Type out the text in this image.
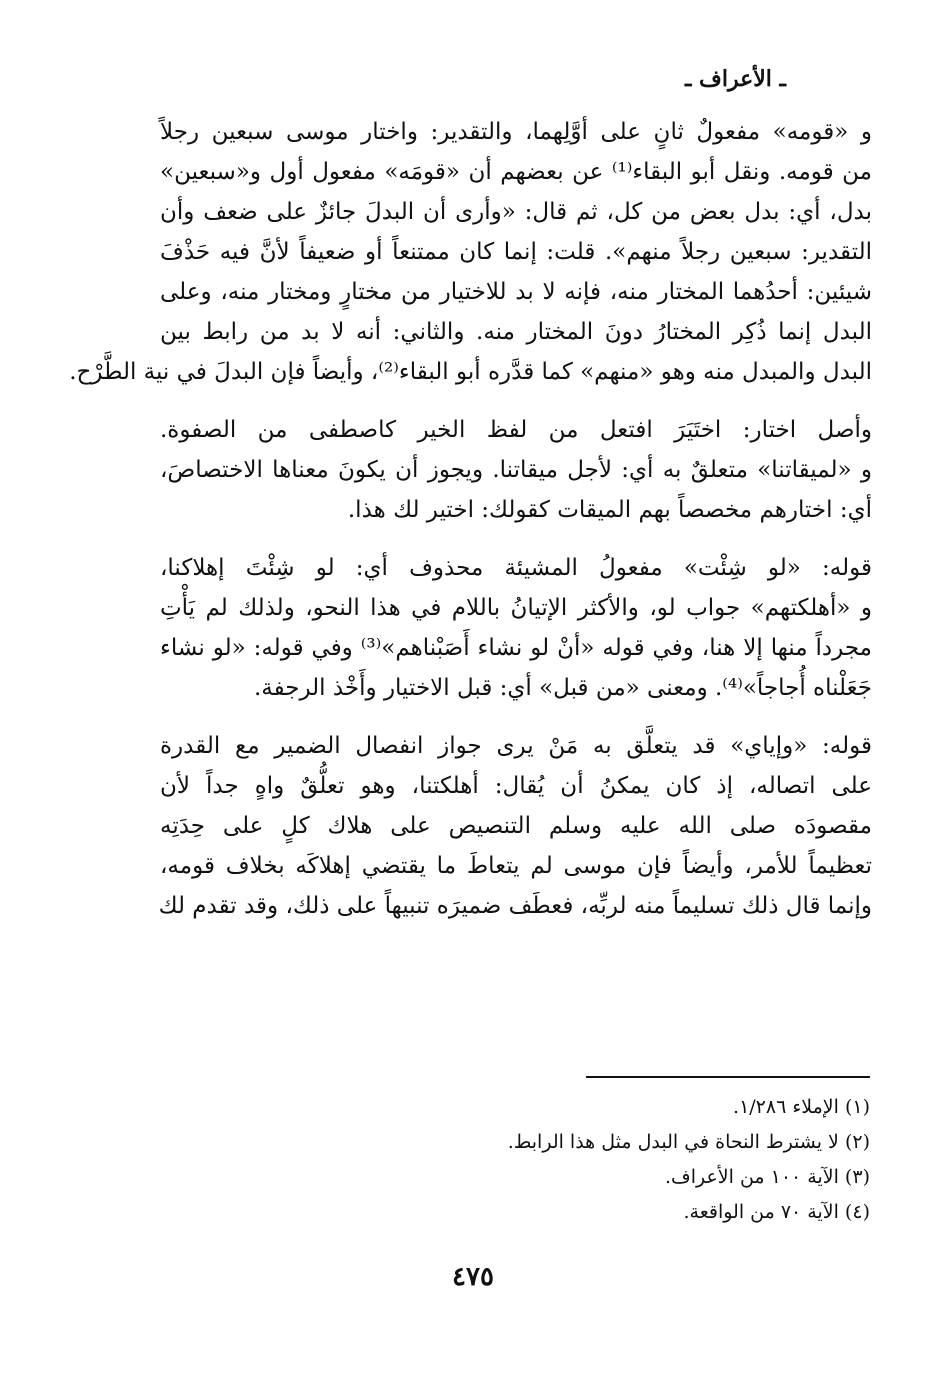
ـ الأعراف ـ
و «قومه» مفعولٌ ثانٍ على أوَّلِهما، والتقدير: واختار موسى سبعين رجلاً
من قومه. ونقل أبو البقاء⁽¹⁾ عن بعضهم أن «قومَه» مفعول أول و«سبعين»
بدل، أي: بدل بعض من كل، ثم قال: «وأرى أن البدلَ جائزٌ على ضعف وأن
التقدير: سبعين رجلاً منهم». قلت: إنما كان ممتنعاً أو ضعيفاً لأنَّ فيه حَذْفَ
شيئين: أحدُهما المختار منه، فإنه لا بد للاختيار من مختارٍ ومختار منه، وعلى
البدل إنما ذُكِر المختارُ دونَ المختار منه. والثاني: أنه لا بد من رابط بين
البدل والمبدل منه وهو «منهم» كما قدَّره أبو البقاء⁽²⁾، وأيضاً فإن البدلَ في نية الطَّرْح.
وأصل اختار: اختَيَرَ افتعل من لفظ الخير كاصطفى من الصفوة.
و «لميقاتنا» متعلقٌ به أي: لأجل ميقاتنا. ويجوز أن يكونَ معناها الاختصاصَ،
أي: اختارهم مخصصاً بهم الميقات كقولك: اختير لك هذا.
قوله: «لو شِئْت» مفعولُ المشيئة محذوف أي: لو شِئْتَ إهلاكنا،
و «أهلكتهم» جواب لو، والأكثر الإتيانُ باللام في هذا النحو، ولذلك لم يَأْتِ
مجرداً منها إلا هنا، وفي قوله «أنْ لو نشاء أَصَبْناهم»⁽³⁾ وفي قوله: «لو نشاء
جَعَلْناه أُجاجاً»⁽⁴⁾. ومعنى «من قبل» أي: قبل الاختيار وأَخْذ الرجفة.
قوله: «وإياي» قد يتعلَّق به مَنْ يرى جواز انفصال الضمير مع القدرة
على اتصاله، إذ كان يمكنُ أن يُقال: أهلكتنا، وهو تعلُّقٌ واهٍ جداً لأن
مقصودَه صلى الله عليه وسلم التنصيص على هلاك كلٍ على حِدَتِه
تعظيماً للأمر، وأيضاً فإن موسى لم يتعاطَ ما يقتضي إهلاكَه بخلاف قومه،
وإنما قال ذلك تسليماً منه لربِّه، فعطَف ضميرَه تنبيهاً على ذلك، وقد تقدم لك
(١) الإملاء ١/٢٨٦.
(٢) لا يشترط النحاة في البدل مثل هذا الرابط.
(٣) الآية ١٠٠ من الأعراف.
(٤) الآية ٧٠ من الواقعة.
٤٧٥
